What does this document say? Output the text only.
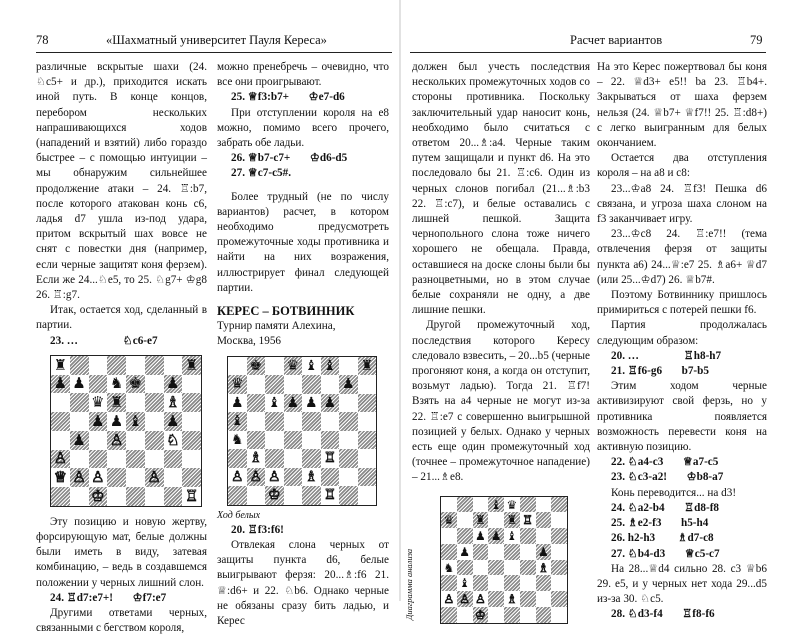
78	«Шахматный университет Пауля Кереса»

различные вскрытые шахи (24. ♘c5+ и др.), приходится искать иной путь. В конце концов, перебором нескольких напрашивающихся ходов (нападений и взятий) либо гораздо быстрее – с помощью интуиции – мы обнаружим сильнейшее продолжение атаки – 24. ♖:b7, после которого атакован конь c6, ладья d7 ушла из-под удара, притом вскрытый шах вовсе не снят с повестки дня (например, если черные защитят коня ферзем). Если же 24...♘e5, то 25. ♘g7+ ♔g8 26. ♖:g7.

Итак, остается ход, сделанный в партии.

23. …                ♘c6-e7

♜	♜
♟ ♟ ♞ ♚ ♟
♛ ♜	♗
♟ ♟ ♝ ♟
♟ ♙	♘
♙
♕ ♙ ♙	♙
♔	♖

Эту позицию и новую жертву, форсирующую мат, белые должны были иметь в виду, затевая комбинацию, – ведь в создавшемся положении у черных лишний слон.

24. ♖d7:e7+!       ♔f7:e7

Другими ответами черных, связанными с бегством короля,

можно пренебречь – очевидно, что все они проигрывают.

25. ♕f3:b7+       ♔e7-d6

При отступлении короля на e8 можно, помимо всего прочего, забрать обе ладьи.

26. ♕b7-c7+       ♔d6-d5

27. ♕c7-c5#.

Более трудный (не по числу вариантов) расчет, в котором необходимо предусмотреть промежуточные ходы противника и найти на них возражения, иллюстрирует финал следующей партии.

КЕРЕС – БОТВИННИК

Турнир памяти Алехина,

Москва, 1956

♚ ♛ ♝ ♝ ♜
♛	♟
♟ ♝ ♟ ♟ ♟
♝
♞
♗	♖
♙ ♙ ♙ ♗
♔	♖

Ход белых

20. ♖f3:f6!

Отвлекая слона черных от защиты пункта d6, белые выигрывают ферзя: 20...♗:f6 21. ♕:d6+ и 22. ♘b6. Однако черные не обязаны сразу бить ладью, и Керес

Расчет вариантов	79

должен был учесть последствия нескольких промежуточных ходов со стороны противника. Поскольку заключительный удар наносит конь, необходимо было считаться с ответом 20...♗:a4. Черные таким путем защищали и пункт d6. На это последовало бы 21. ♖:c6. Один из черных слонов погибал (21...♗:b3 22. ♖:c7), и белые оставались с лишней пешкой. Защита чернопольного слона тоже ничего хорошего не обещала. Правда, оставшиеся на доске слоны были бы разноцветными, но в этом случае белые сохраняли не одну, а две лишние пешки.

Другой промежуточный ход, последствия которого Кересу следовало взвесить, – 20...b5 (черные прогоняют коня, а когда он отступит, возьмут ладью). Тогда 21. ♖f7! Взять на a4 черные не могут из-за 22. ♖:e7 с совершенно выигрышной позицией у белых. Однако у черных есть еще один промежуточный ход (точнее – промежуточное нападение) – 21...♗e8.

♝ ♛
♛ ♜ ♜ ♖
♟ ♟ ♝
♟	♟
♞	♗
♝
♙ ♙ ♙ ♗
♔
Диаграмма анализа

На это Керес пожертвовал бы коня – 22. ♕d3+ e5!! ba 23. ♖b4+. Закрываться от шаха ферзем нельзя (24. ♕b7+ ♕f7!! 25. ♖:d8+) с легко выигранным для белых окончанием.

Остается два отступления короля – на a8 и c8:

23...♔a8 24. ♖f3! Пешка d6 связана, и угроза шаха слоном на f3 заканчивает игру.

23...♔c8 24. ♖:e7!! (тема отвлечения ферзя от защиты пункта a6) 24...♕:e7 25. ♗a6+ ♕d7 (или 25...♔d7) 26. ♕b7#.

Поэтому Ботвиннику пришлось примириться с потерей пешки f6.

Партия продолжалась следующим образом:

20. …                ♖h8-h7

21. ♖f6-g6       b7-b5

Этим ходом черные активизируют свой ферзь, но у противника появляется возможность перевести коня на активную позицию.

22. ♘a4-c3       ♕a7-c5

23. ♘c3-a2!       ♔b8-a7

Конь переводится... на d3!

24. ♘a2-b4       ♖d8-f8

25. ♗e2-f3       h5-h4

26. h2-h3        ♗d7-c8

27. ♘b4-d3       ♕c5-c7

На 28...♕d4 сильно 28. c3 ♕b6 29. e5, и у черных нет хода 29...d5 из-за 30. ♘c5.

28. ♘d3-f4       ♖f8-f6
